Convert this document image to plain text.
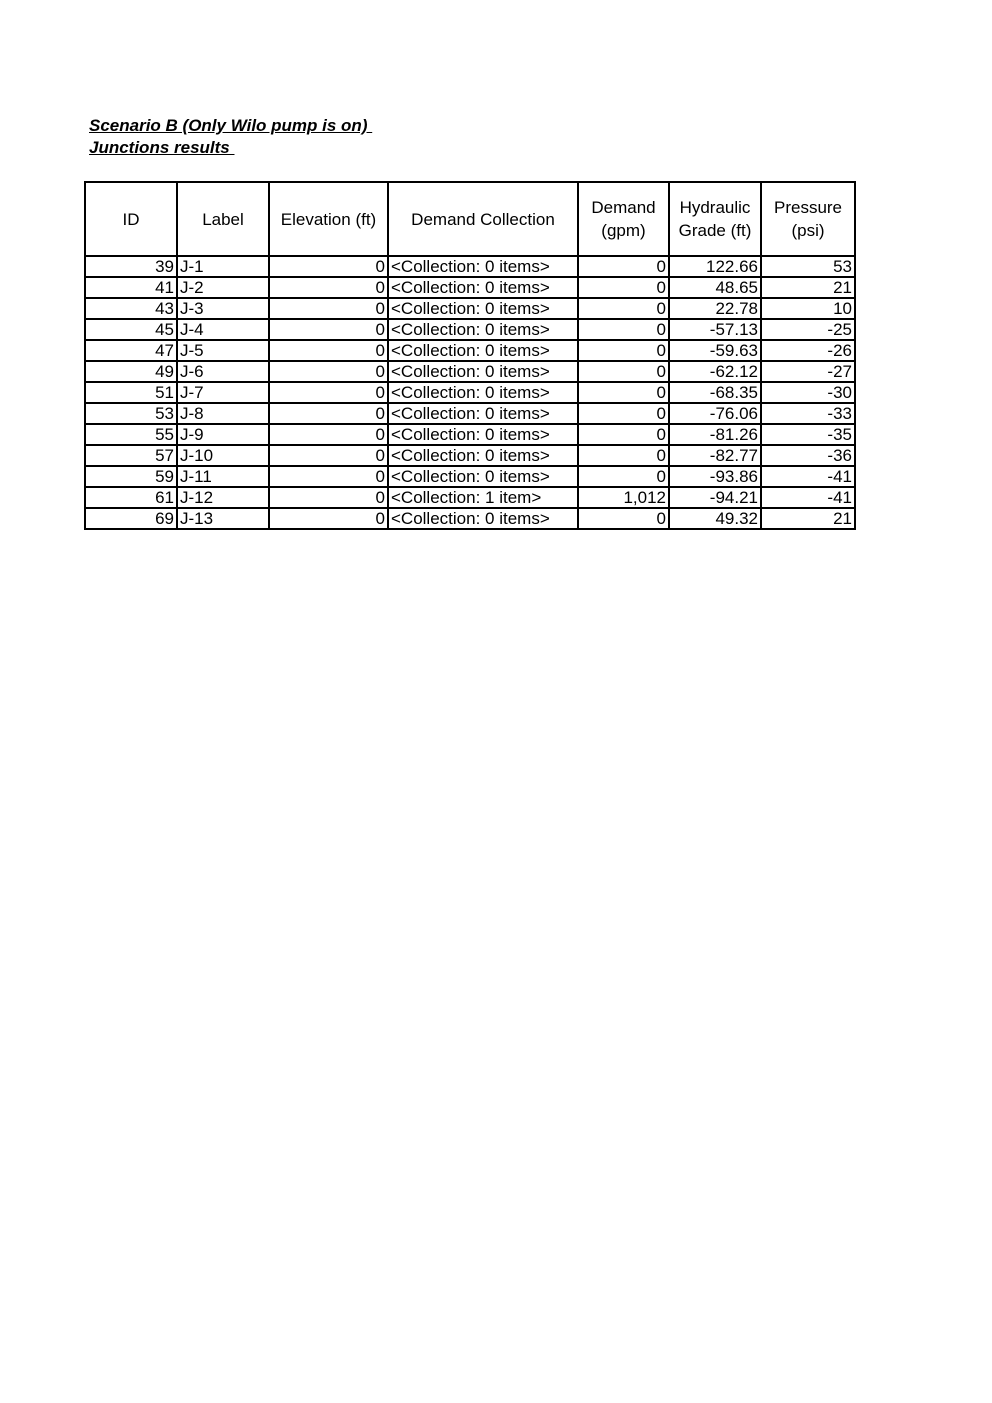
Scenario B (Only Wilo pump is on)
Junctions results
ID	Label	Elevation (ft)	Demand Collection	Demand (gpm)	Hydraulic Grade (ft)	Pressure (psi)
39	J-1	0	<Collection: 0 items>	0	122.66	53
41	J-2	0	<Collection: 0 items>	0	48.65	21
43	J-3	0	<Collection: 0 items>	0	22.78	10
45	J-4	0	<Collection: 0 items>	0	-57.13	-25
47	J-5	0	<Collection: 0 items>	0	-59.63	-26
49	J-6	0	<Collection: 0 items>	0	-62.12	-27
51	J-7	0	<Collection: 0 items>	0	-68.35	-30
53	J-8	0	<Collection: 0 items>	0	-76.06	-33
55	J-9	0	<Collection: 0 items>	0	-81.26	-35
57	J-10	0	<Collection: 0 items>	0	-82.77	-36
59	J-11	0	<Collection: 0 items>	0	-93.86	-41
61	J-12	0	<Collection: 1 item>	1,012	-94.21	-41
69	J-13	0	<Collection: 0 items>	0	49.32	21
